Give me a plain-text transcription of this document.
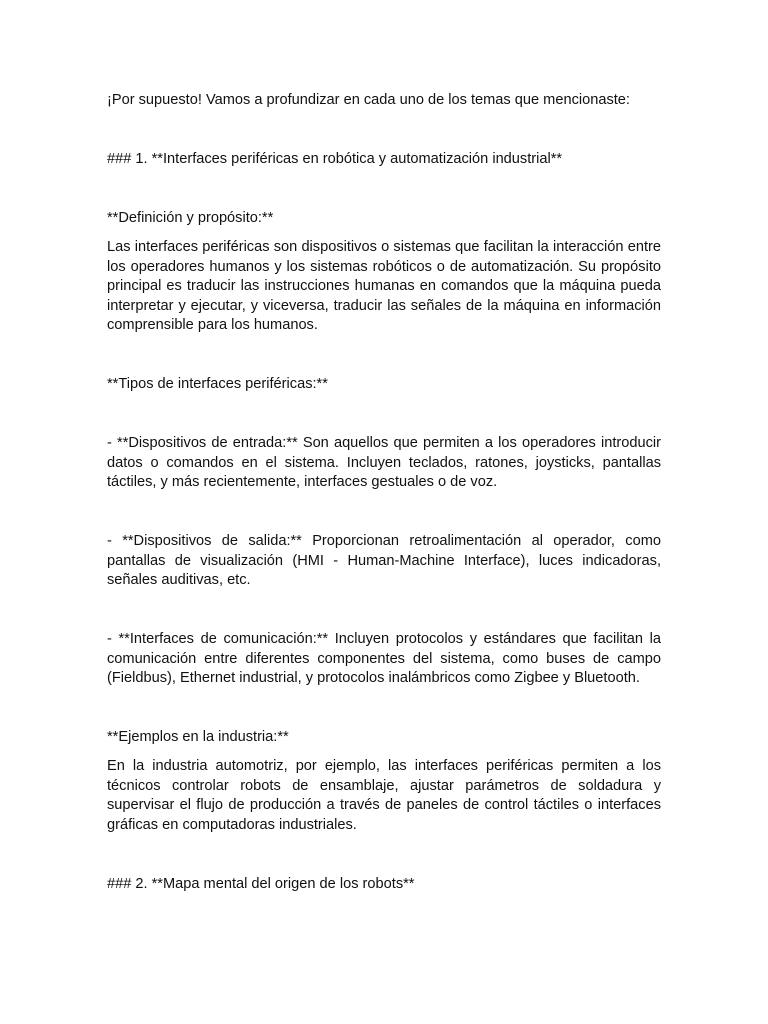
¡Por supuesto! Vamos a profundizar en cada uno de los temas que mencionaste:

### 1. **Interfaces periféricas en robótica y automatización industrial**

**Definición y propósito:**

Las interfaces periféricas son dispositivos o sistemas que facilitan la interacción entre los operadores humanos y los sistemas robóticos o de automatización. Su propósito principal es traducir las instrucciones humanas en comandos que la máquina pueda interpretar y ejecutar, y viceversa, traducir las señales de la máquina en información comprensible para los humanos.

**Tipos de interfaces periféricas:**

- **Dispositivos de entrada:** Son aquellos que permiten a los operadores introducir datos o comandos en el sistema. Incluyen teclados, ratones, joysticks, pantallas táctiles, y más recientemente, interfaces gestuales o de voz.

- **Dispositivos de salida:** Proporcionan retroalimentación al operador, como pantallas de visualización (HMI - Human-Machine Interface), luces indicadoras, señales auditivas, etc.

- **Interfaces de comunicación:** Incluyen protocolos y estándares que facilitan la comunicación entre diferentes componentes del sistema, como buses de campo (Fieldbus), Ethernet industrial, y protocolos inalámbricos como Zigbee y Bluetooth.

**Ejemplos en la industria:**

En la industria automotriz, por ejemplo, las interfaces periféricas permiten a los técnicos controlar robots de ensamblaje, ajustar parámetros de soldadura y supervisar el flujo de producción a través de paneles de control táctiles o interfaces gráficas en computadoras industriales.

### 2. **Mapa mental del origen de los robots**
